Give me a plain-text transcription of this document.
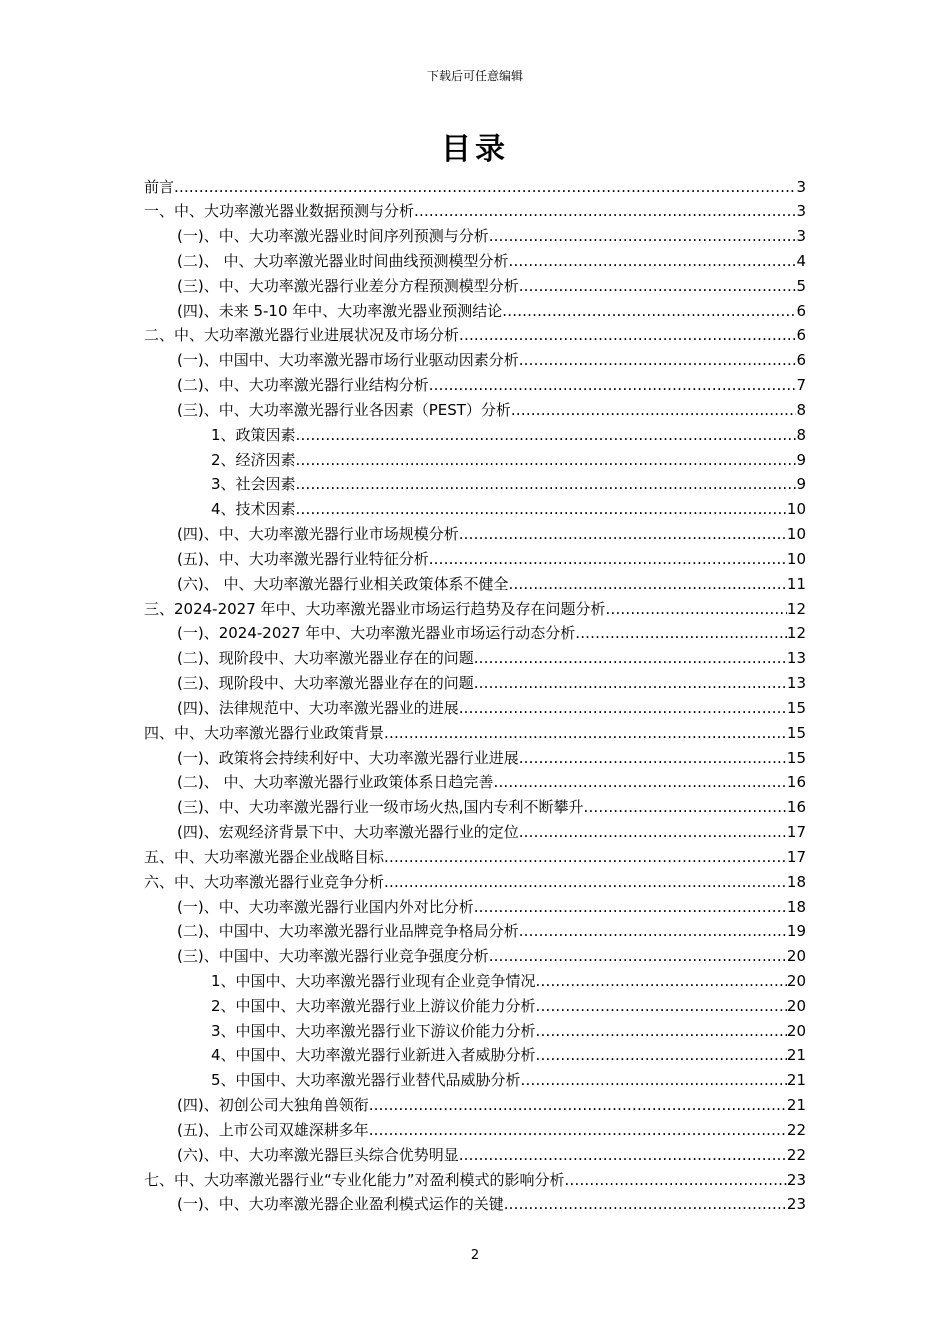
下载后可任意编辑
目录
前言 .....	3
一、中、大功率激光器业数据预测与分析 .....	3
(一)、中、大功率激光器业时间序列预测与分析 .....	3
(二)、 中、大功率激光器业时间曲线预测模型分析 .....	4
(三)、中、大功率激光器行业差分方程预测模型分析 .....	5
(四)、未来 5-10 年中、大功率激光器业预测结论 .....	6
二、中、大功率激光器行业进展状况及市场分析 .....	6
(一)、中国中、大功率激光器市场行业驱动因素分析 .....	6
(二)、中、大功率激光器行业结构分析 .....	7
(三)、中、大功率激光器行业各因素（PEST）分析 .....	8
1、政策因素 .....	8
2、经济因素 .....	9
3、社会因素 .....	9
4、技术因素 .....	10
(四)、中、大功率激光器行业市场规模分析 .....	10
(五)、中、大功率激光器行业特征分析 .....	10
(六)、 中、大功率激光器行业相关政策体系不健全 .....	11
三、2024-2027 年中、大功率激光器业市场运行趋势及存在问题分析 .....	12
(一)、2024-2027 年中、大功率激光器业市场运行动态分析 .....	12
(二)、现阶段中、大功率激光器业存在的问题 .....	13
(三)、现阶段中、大功率激光器业存在的问题 .....	13
(四)、法律规范中、大功率激光器业的进展 .....	15
四、中、大功率激光器行业政策背景 .....	15
(一)、政策将会持续利好中、大功率激光器行业进展 .....	15
(二)、 中、大功率激光器行业政策体系日趋完善 .....	16
(三)、中、大功率激光器行业一级市场火热,国内专利不断攀升 .....	16
(四)、宏观经济背景下中、大功率激光器行业的定位 .....	17
五、中、大功率激光器企业战略目标 .....	17
六、中、大功率激光器行业竞争分析 .....	18
(一)、中、大功率激光器行业国内外对比分析 .....	18
(二)、中国中、大功率激光器行业品牌竞争格局分析 .....	19
(三)、中国中、大功率激光器行业竞争强度分析 .....	20
1、中国中、大功率激光器行业现有企业竞争情况 .....	20
2、中国中、大功率激光器行业上游议价能力分析 .....	20
3、中国中、大功率激光器行业下游议价能力分析 .....	20
4、中国中、大功率激光器行业新进入者威胁分析 .....	21
5、中国中、大功率激光器行业替代品威胁分析 .....	21
(四)、初创公司大独角兽领衔 .....	21
(五)、上市公司双雄深耕多年 .....	22
(六)、中、大功率激光器巨头综合优势明显 .....	22
七、中、大功率激光器行业“专业化能力”对盈利模式的影响分析 .....	23
(一)、中、大功率激光器企业盈利模式运作的关键 .....	23
2
